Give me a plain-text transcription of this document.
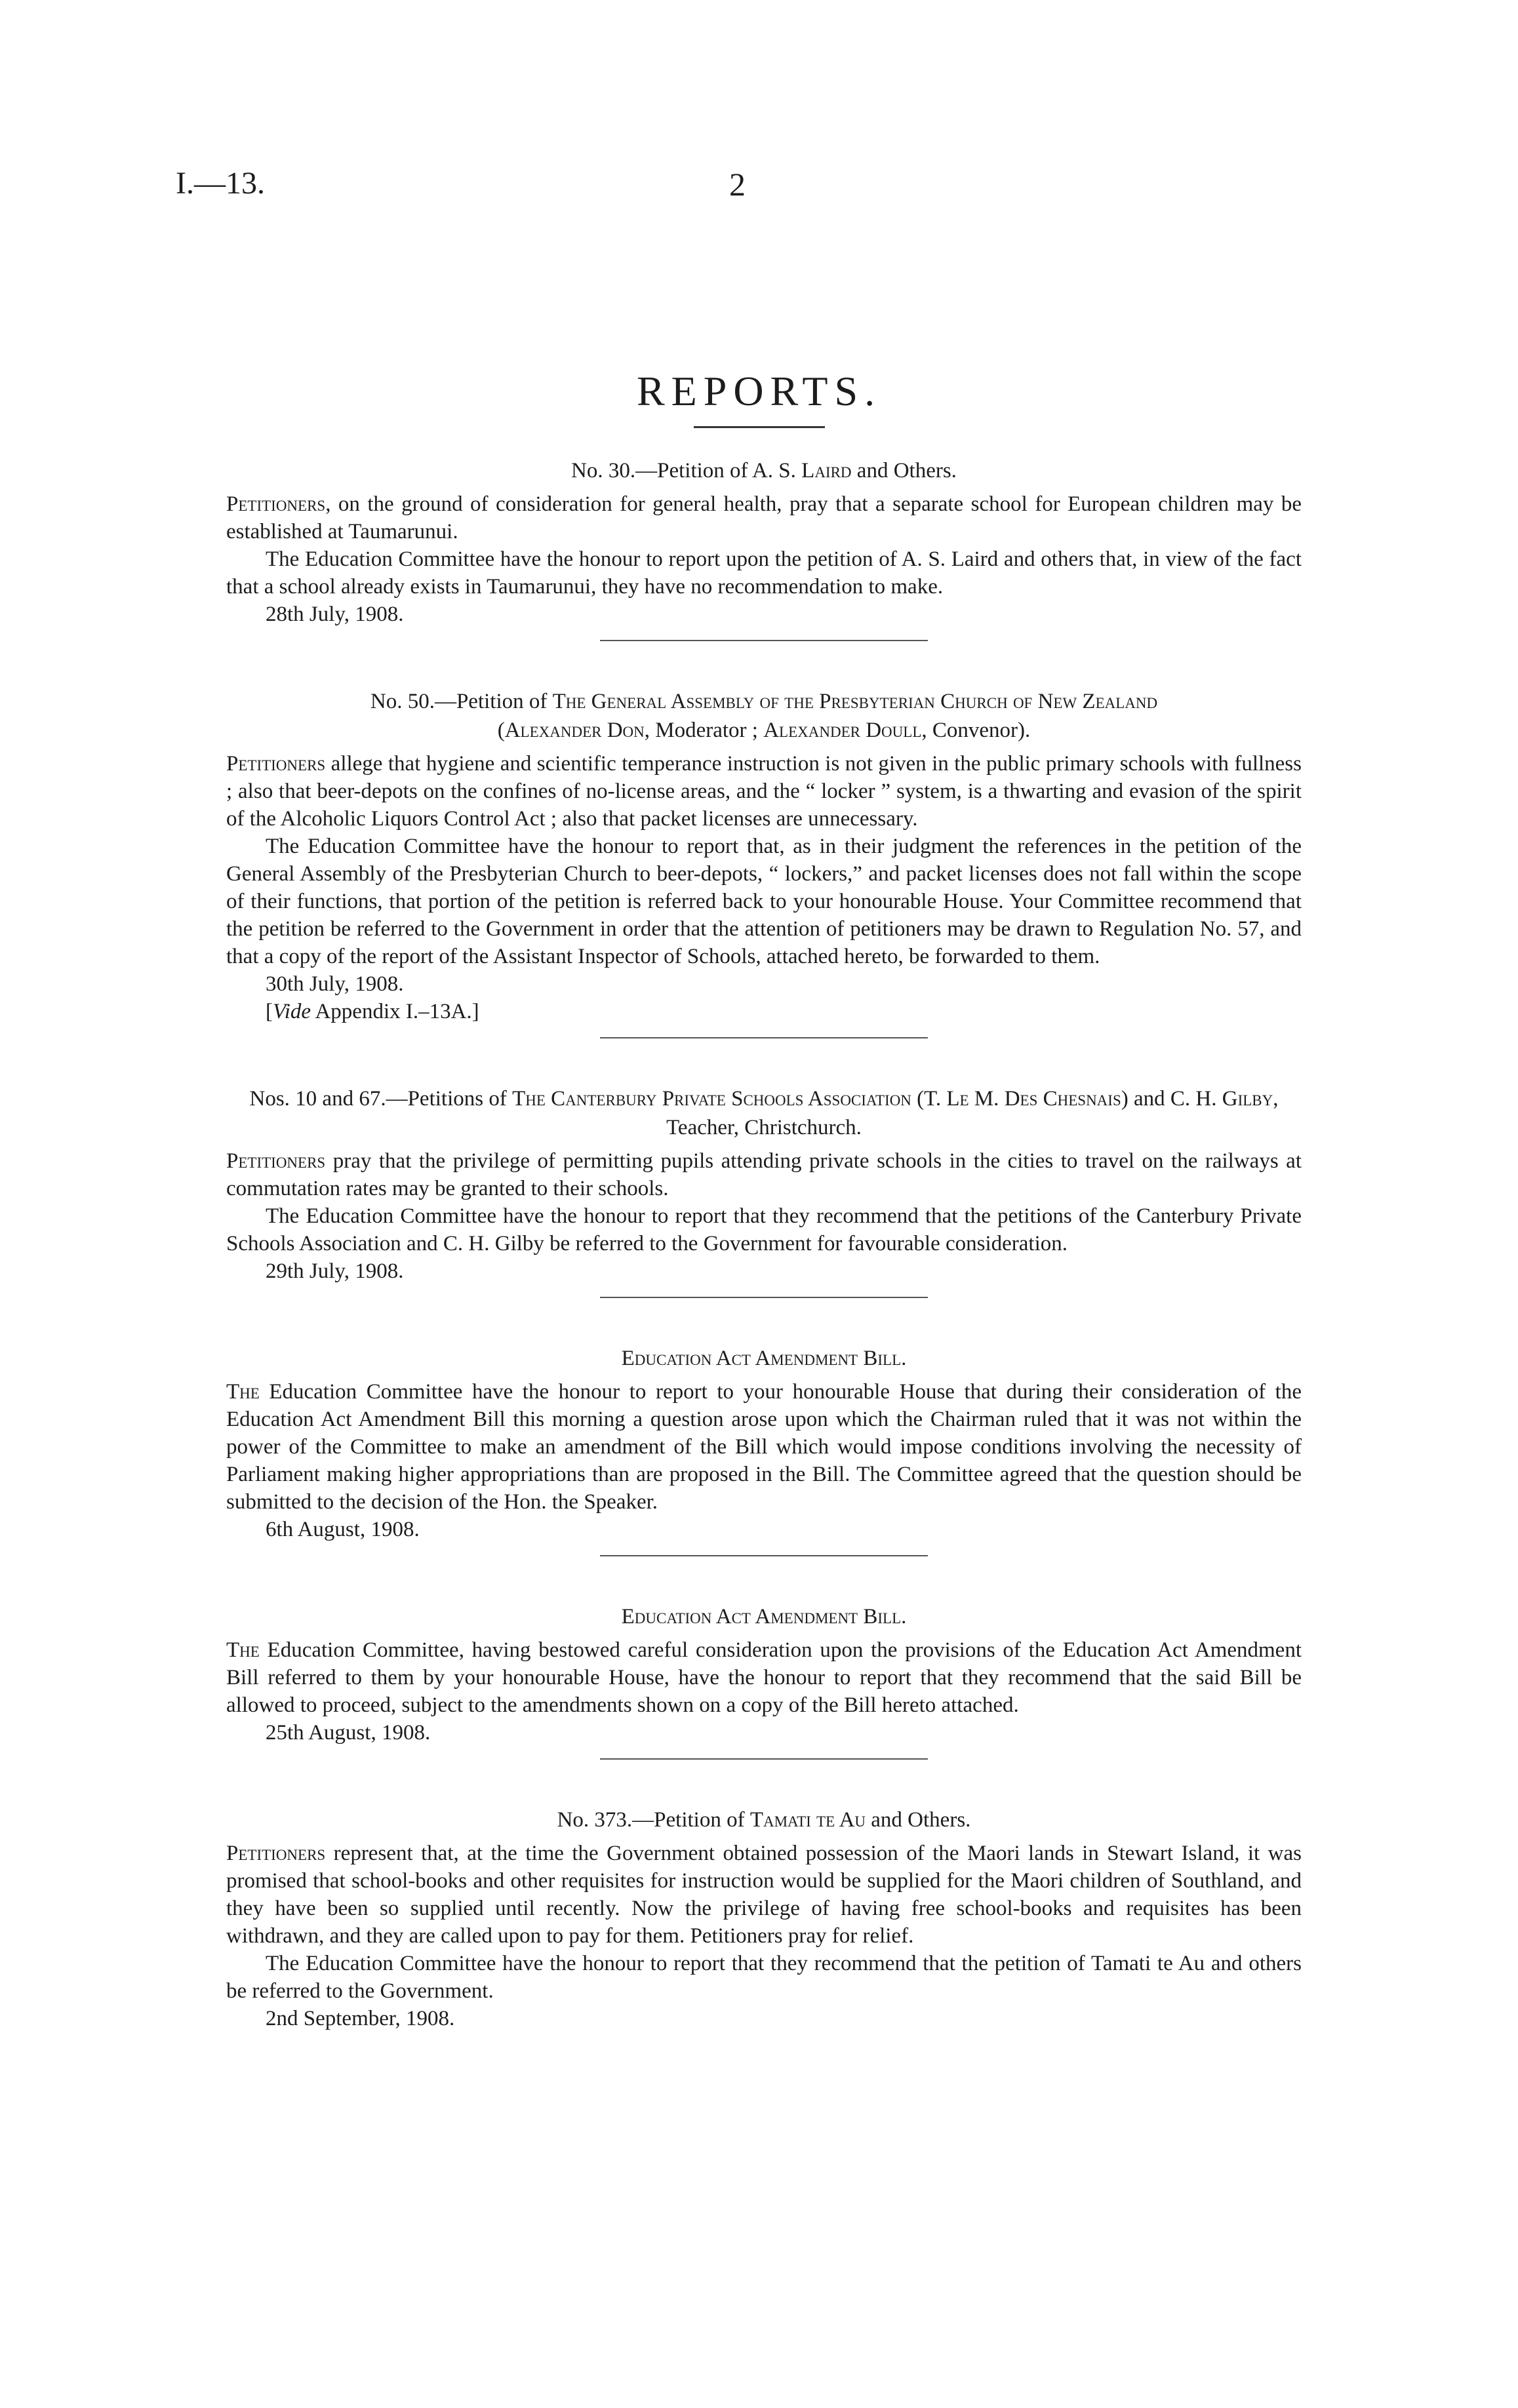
I.—13.	2
REPORTS.

No. 30.—Petition of A. S. Laird and Others.

Petitioners, on the ground of consideration for general health, pray that a separate school for European children may be established at Taumarunui.

The Education Committee have the honour to report upon the petition of A. S. Laird and others that, in view of the fact that a school already exists in Taumarunui, they have no recommendation to make.

28th July, 1908.

No. 50.—Petition of The General Assembly of the Presbyterian Church of New Zealand
(Alexander Don, Moderator ; Alexander Doull, Convenor).

Petitioners allege that hygiene and scientific temperance instruction is not given in the public primary schools with fullness ; also that beer-depots on the confines of no-license areas, and the “ locker ” system, is a thwarting and evasion of the spirit of the Alcoholic Liquors Control Act ; also that packet licenses are unnecessary.

The Education Committee have the honour to report that, as in their judgment the references in the petition of the General Assembly of the Presbyterian Church to beer-depots, “ lockers,” and packet licenses does not fall within the scope of their functions, that portion of the petition is referred back to your honourable House. Your Committee recommend that the petition be referred to the Government in order that the attention of petitioners may be drawn to Regulation No. 57, and that a copy of the report of the Assistant Inspector of Schools, attached hereto, be forwarded to them.

30th July, 1908.

[Vide Appendix I.–13A.]

Nos. 10 and 67.—Petitions of The Canterbury Private Schools Association (T. Le M. Des Chesnais) and C. H. Gilby, Teacher, Christchurch.

Petitioners pray that the privilege of permitting pupils attending private schools in the cities to travel on the railways at commutation rates may be granted to their schools.

The Education Committee have the honour to report that they recommend that the petitions of the Canterbury Private Schools Association and C. H. Gilby be referred to the Government for favourable consideration.

29th July, 1908.

Education Act Amendment Bill.

The Education Committee have the honour to report to your honourable House that during their consideration of the Education Act Amendment Bill this morning a question arose upon which the Chairman ruled that it was not within the power of the Committee to make an amendment of the Bill which would impose conditions involving the necessity of Parliament making higher appropriations than are proposed in the Bill. The Committee agreed that the question should be submitted to the decision of the Hon. the Speaker.

6th August, 1908.

Education Act Amendment Bill.

The Education Committee, having bestowed careful consideration upon the provisions of the Education Act Amendment Bill referred to them by your honourable House, have the honour to report that they recommend that the said Bill be allowed to proceed, subject to the amendments shown on a copy of the Bill hereto attached.

25th August, 1908.

No. 373.—Petition of Tamati te Au and Others.

Petitioners represent that, at the time the Government obtained possession of the Maori lands in Stewart Island, it was promised that school-books and other requisites for instruction would be supplied for the Maori children of Southland, and they have been so supplied until recently. Now the privilege of having free school-books and requisites has been withdrawn, and they are called upon to pay for them. Petitioners pray for relief.

The Education Committee have the honour to report that they recommend that the petition of Tamati te Au and others be referred to the Government.

2nd September, 1908.
